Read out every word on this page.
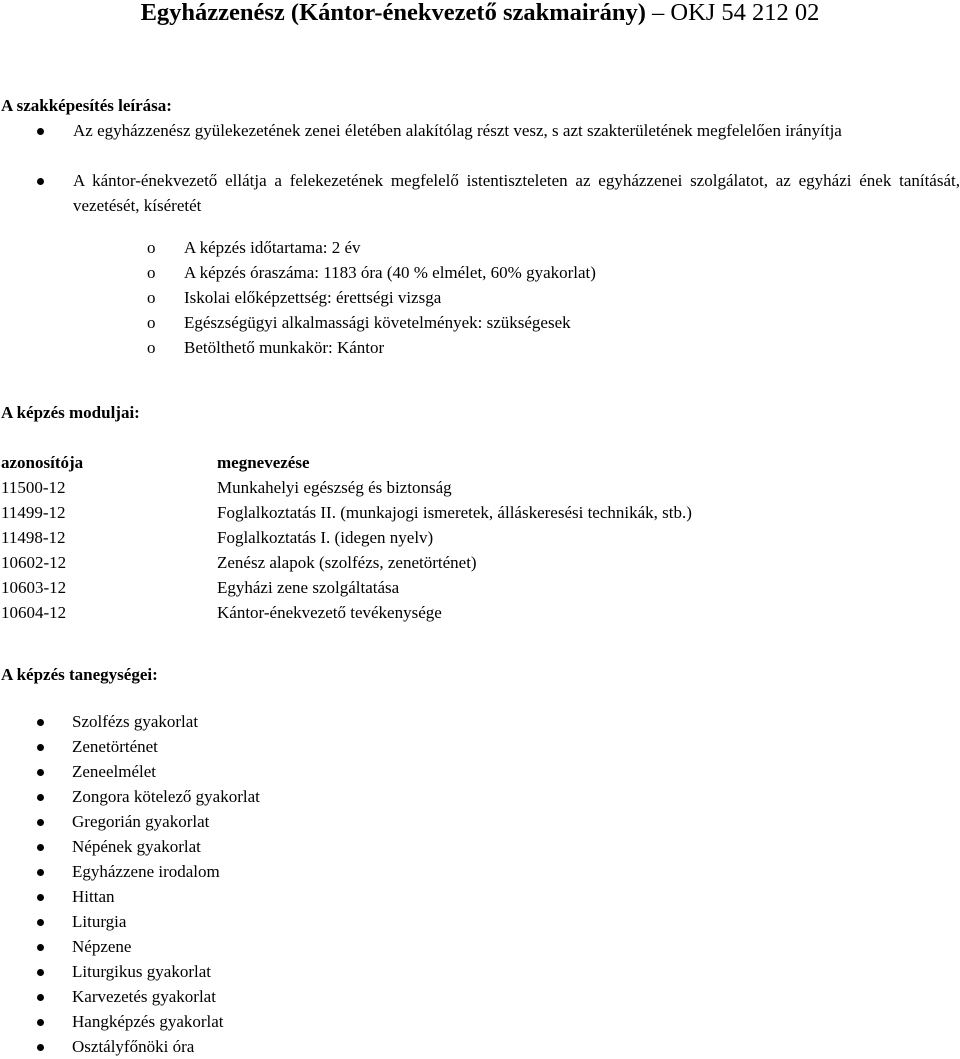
Egyházzenész (Kántor-énekvezető szakmairány) – OKJ 54 212 02
A szakképesítés leírása:
Az egyházzenész gyülekezetének zenei életében alakítólag részt vesz, s azt szakterületének megfelelően irányítja
A kántor-énekvezető ellátja a felekezetének megfelelő istentiszteleten az egyházzenei szolgálatot, az egyházi ének tanítását, vezetését, kíséretét
o A képzés időtartama: 2 év
o A képzés óraszáma: 1183 óra (40 % elmélet, 60% gyakorlat)
o Iskolai előképzettség: érettségi vizsga
o Egészségügyi alkalmassági követelmények: szükségesek
o Betölthető munkakör: Kántor
A képzés moduljai:
azonosítója	megnevezése
11500-12	Munkahelyi egészség és biztonság
11499-12	Foglalkoztatás II. (munkajogi ismeretek, álláskeresési technikák, stb.)
11498-12	Foglalkoztatás I. (idegen nyelv)
10602-12	Zenész alapok (szolfézs, zenetörténet)
10603-12	Egyházi zene szolgáltatása
10604-12	Kántor-énekvezető tevékenysége
A képzés tanegységei:
Szolfézs gyakorlat
Zenetörténet
Zeneelmélet
Zongora kötelező gyakorlat
Gregorián gyakorlat
Népének gyakorlat
Egyházzene irodalom
Hittan
Liturgia
Népzene
Liturgikus gyakorlat
Karvezetés gyakorlat
Hangképzés gyakorlat
Osztályfőnöki óra
